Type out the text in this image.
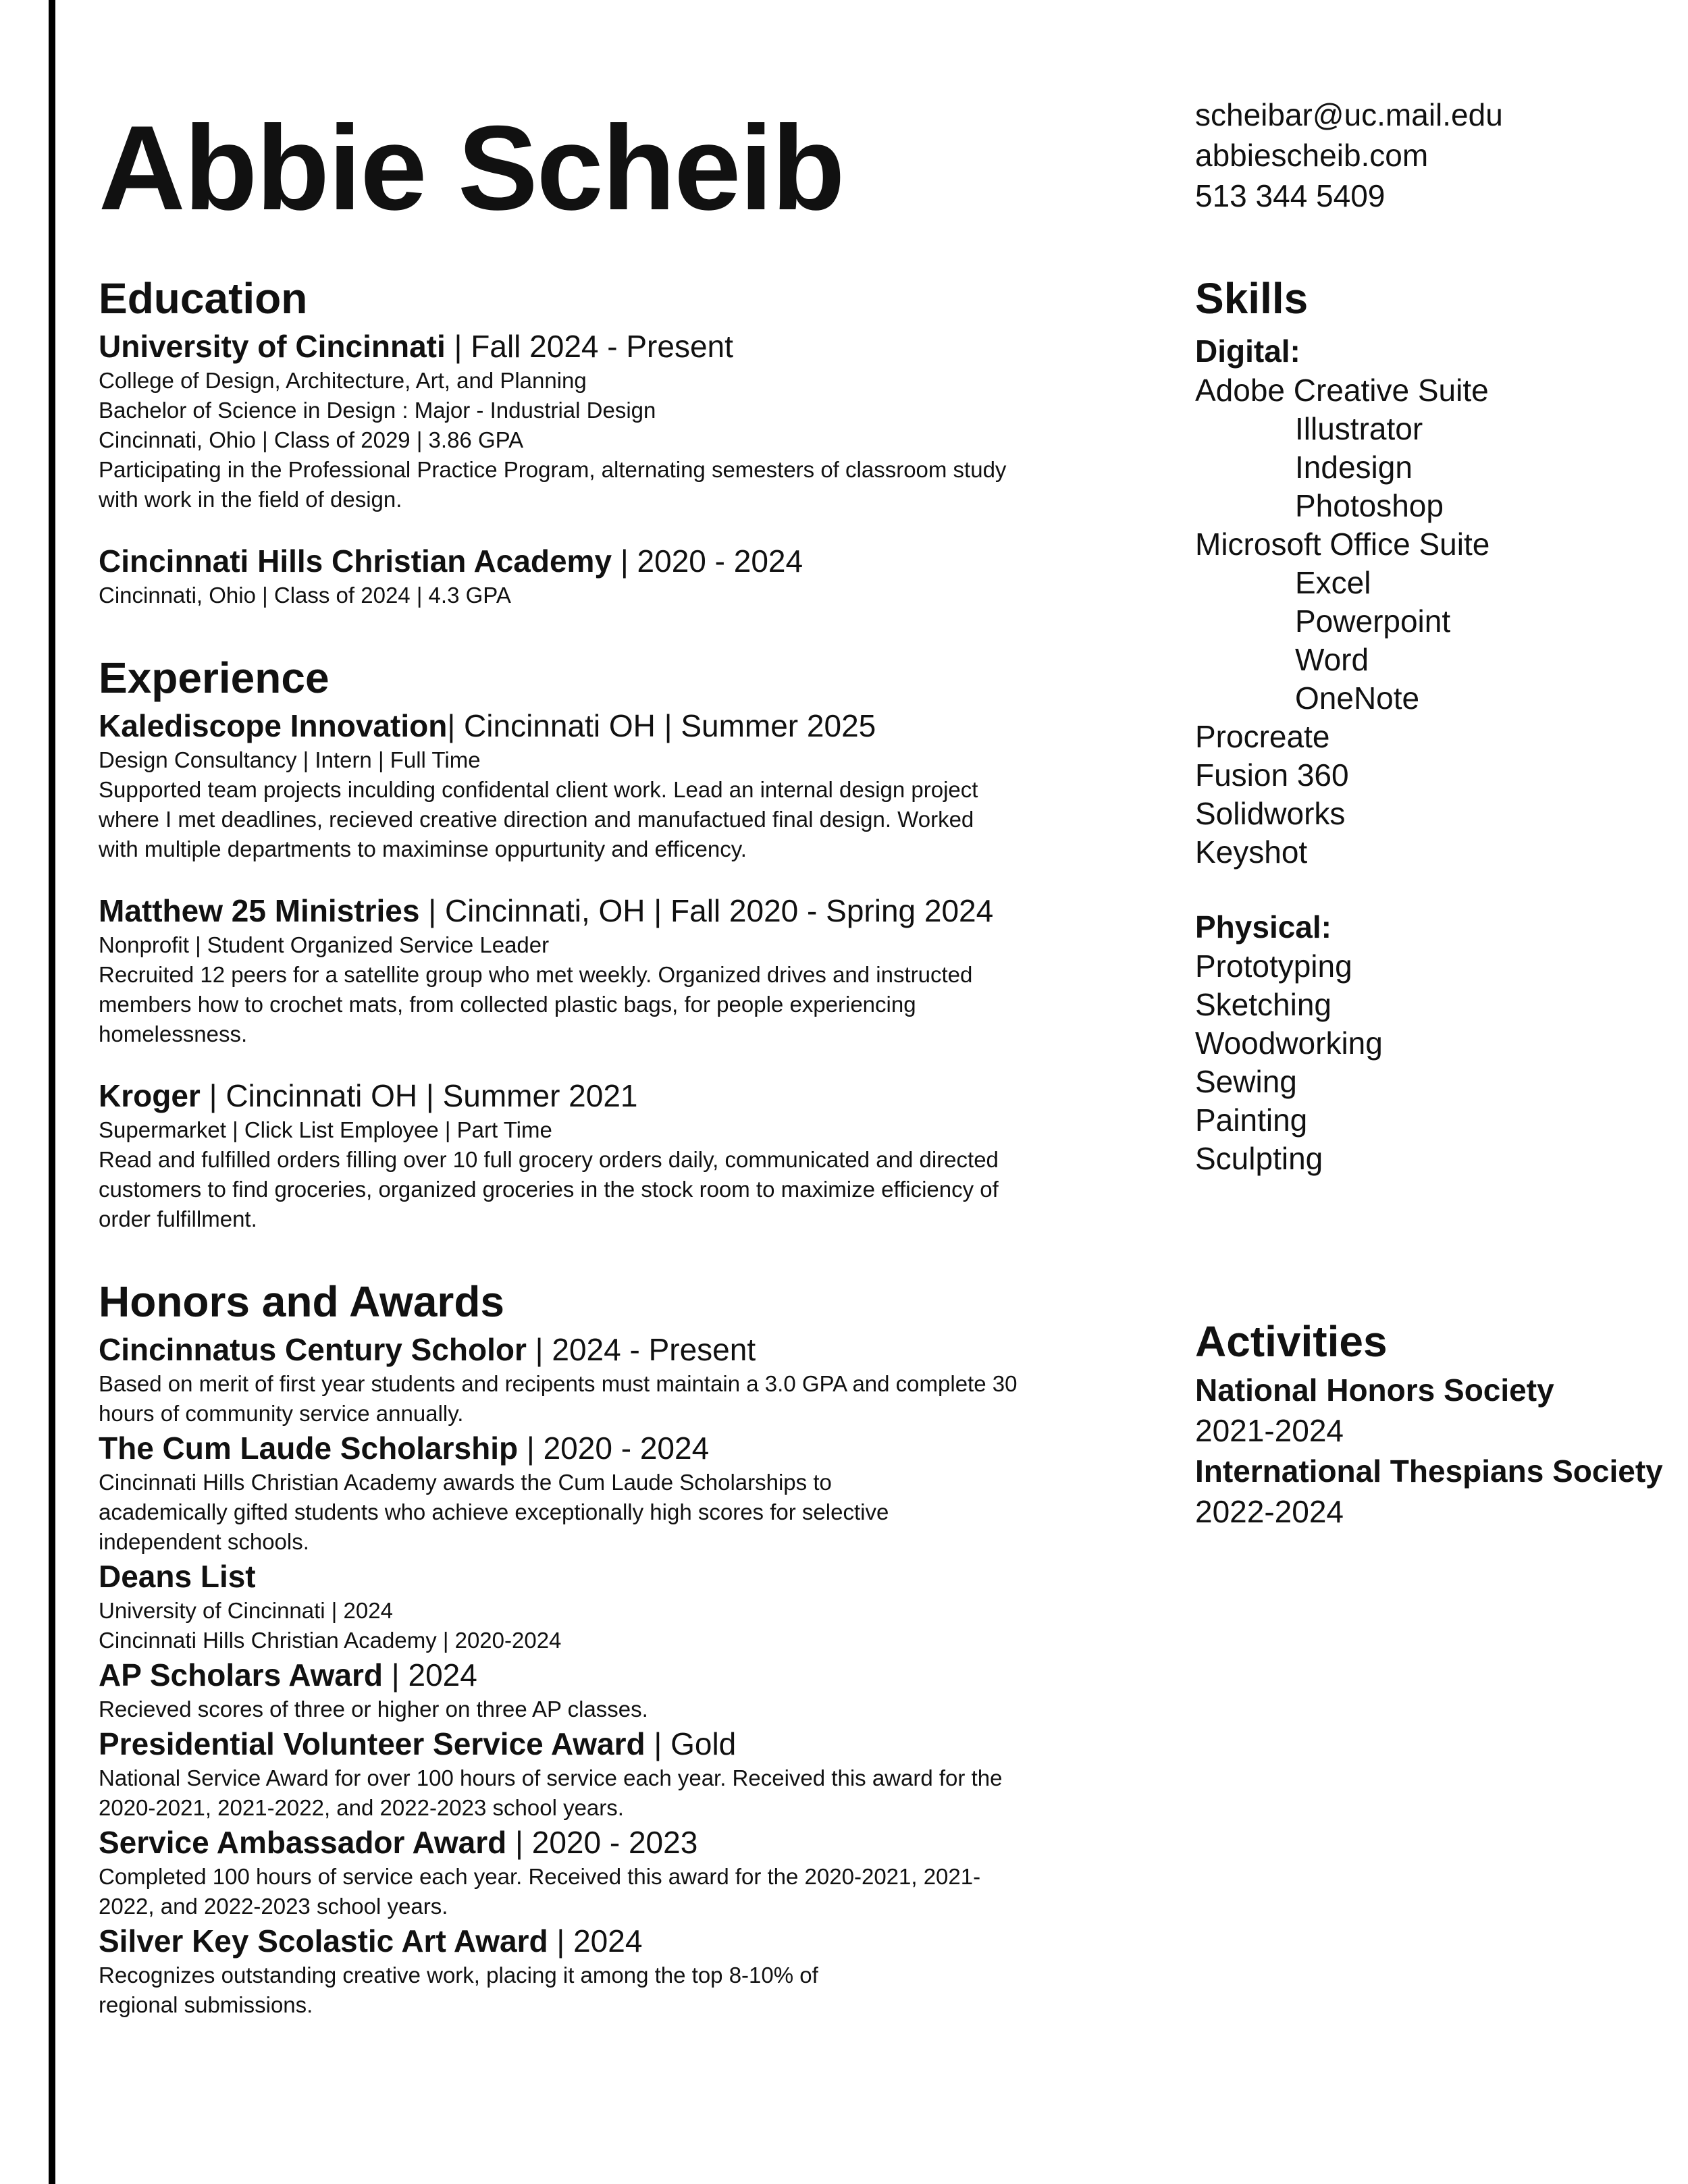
Abbie Scheib	scheibar@uc.mail.edu
abbiescheib.com
513 344 5409
Education
University of Cincinnati | Fall 2024 - Present
College of Design, Architecture, Art, and Planning
Bachelor of Science in Design : Major - Industrial Design
Cincinnati, Ohio | Class of 2029 | 3.86 GPA
Participating in the Professional Practice Program, alternating semesters of classroom study
with work in the field of design.
Cincinnati Hills Christian Academy | 2020 - 2024
Cincinnati, Ohio | Class of 2024 | 4.3 GPA
Experience
Kalediscope Innovation| Cincinnati OH | Summer 2025
Design Consultancy | Intern | Full Time
Supported team projects inculding confidental client work. Lead an internal design project
where I met deadlines, recieved creative direction and manufactued final design. Worked
with multiple departments to maximinse oppurtunity and efficency.
Matthew 25 Ministries | Cincinnati, OH | Fall 2020 - Spring 2024
Nonprofit | Student Organized Service Leader
Recruited 12 peers for a satellite group who met weekly. Organized drives and instructed
members how to crochet mats, from collected plastic bags, for people experiencing
homelessness.
Kroger | Cincinnati OH | Summer 2021
Supermarket | Click List Employee | Part Time
Read and fulfilled orders filling over 10 full grocery orders daily, communicated and directed
customers to find groceries, organized groceries in the stock room to maximize efficiency of
order fulfillment.
Honors and Awards
Cincinnatus Century Scholor | 2024 - Present
Based on merit of first year students and recipents must maintain a 3.0 GPA and complete 30
hours of community service annually.
The Cum Laude Scholarship | 2020 - 2024
Cincinnati Hills Christian Academy awards the Cum Laude Scholarships to
academically gifted students who achieve exceptionally high scores for selective
independent schools.
Deans List
University of Cincinnati | 2024
Cincinnati Hills Christian Academy | 2020-2024
AP Scholars Award | 2024
Recieved scores of three or higher on three AP classes.
Presidential Volunteer Service Award | Gold
National Service Award for over 100 hours of service each year. Received this award for the
2020-2021, 2021-2022, and 2022-2023 school years.
Service Ambassador Award | 2020 - 2023
Completed 100 hours of service each year. Received this award for the 2020-2021, 2021-
2022, and 2022-2023 school years.
Silver Key Scolastic Art Award | 2024
Recognizes outstanding creative work, placing it among the top 8-10% of
regional submissions.
Skills
Digital:
Adobe Creative Suite
Illustrator
Indesign
Photoshop
Microsoft Office Suite
Excel
Powerpoint
Word
OneNote
Procreate
Fusion 360
Solidworks
Keyshot
Physical:
Prototyping
Sketching
Woodworking
Sewing
Painting
Sculpting
Activities
National Honors Society
2021-2024
International Thespians Society
2022-2024
